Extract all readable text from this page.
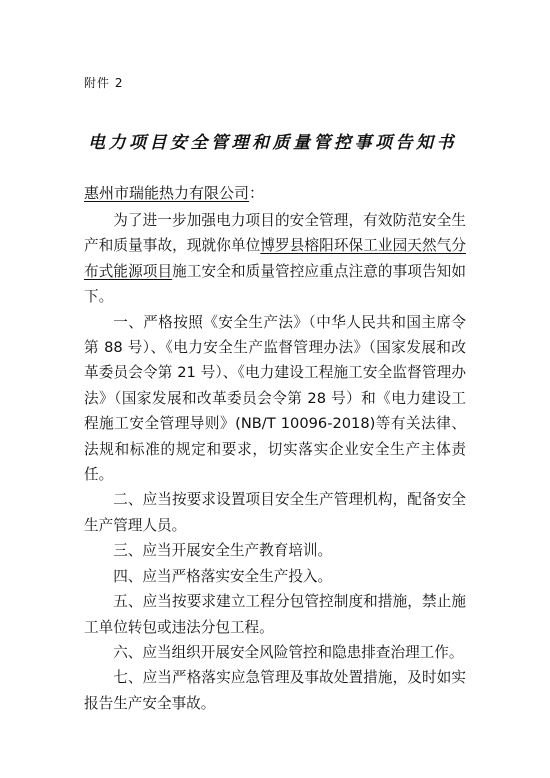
附件 2
电力项目安全管理和质量管控事项告知书
惠州市瑞能热力有限公司：

为了进一步加强电力项目的安全管理，有效防范安全生产和质量事故，现就你单位博罗县榕阳环保工业园天然气分布式能源项目施工安全和质量管控应重点注意的事项告知如下。

一、严格按照《安全生产法》（中华人民共和国主席令第 88 号）、《电力安全生产监督管理办法》（国家发展和改革委员会令第 21 号）、《电力建设工程施工安全监督管理办法》（国家发展和改革委员会令第 28 号）和《电力建设工程施工安全管理导则》(NB/T 10096-2018)等有关法律、法规和标准的规定和要求，切实落实企业安全生产主体责任。

二、应当按要求设置项目安全生产管理机构，配备安全生产管理人员。

三、应当开展安全生产教育培训。

四、应当严格落实安全生产投入。

五、应当按要求建立工程分包管控制度和措施，禁止施工单位转包或违法分包工程。

六、应当组织开展安全风险管控和隐患排查治理工作。

七、应当严格落实应急管理及事故处置措施，及时如实报告生产安全事故。
